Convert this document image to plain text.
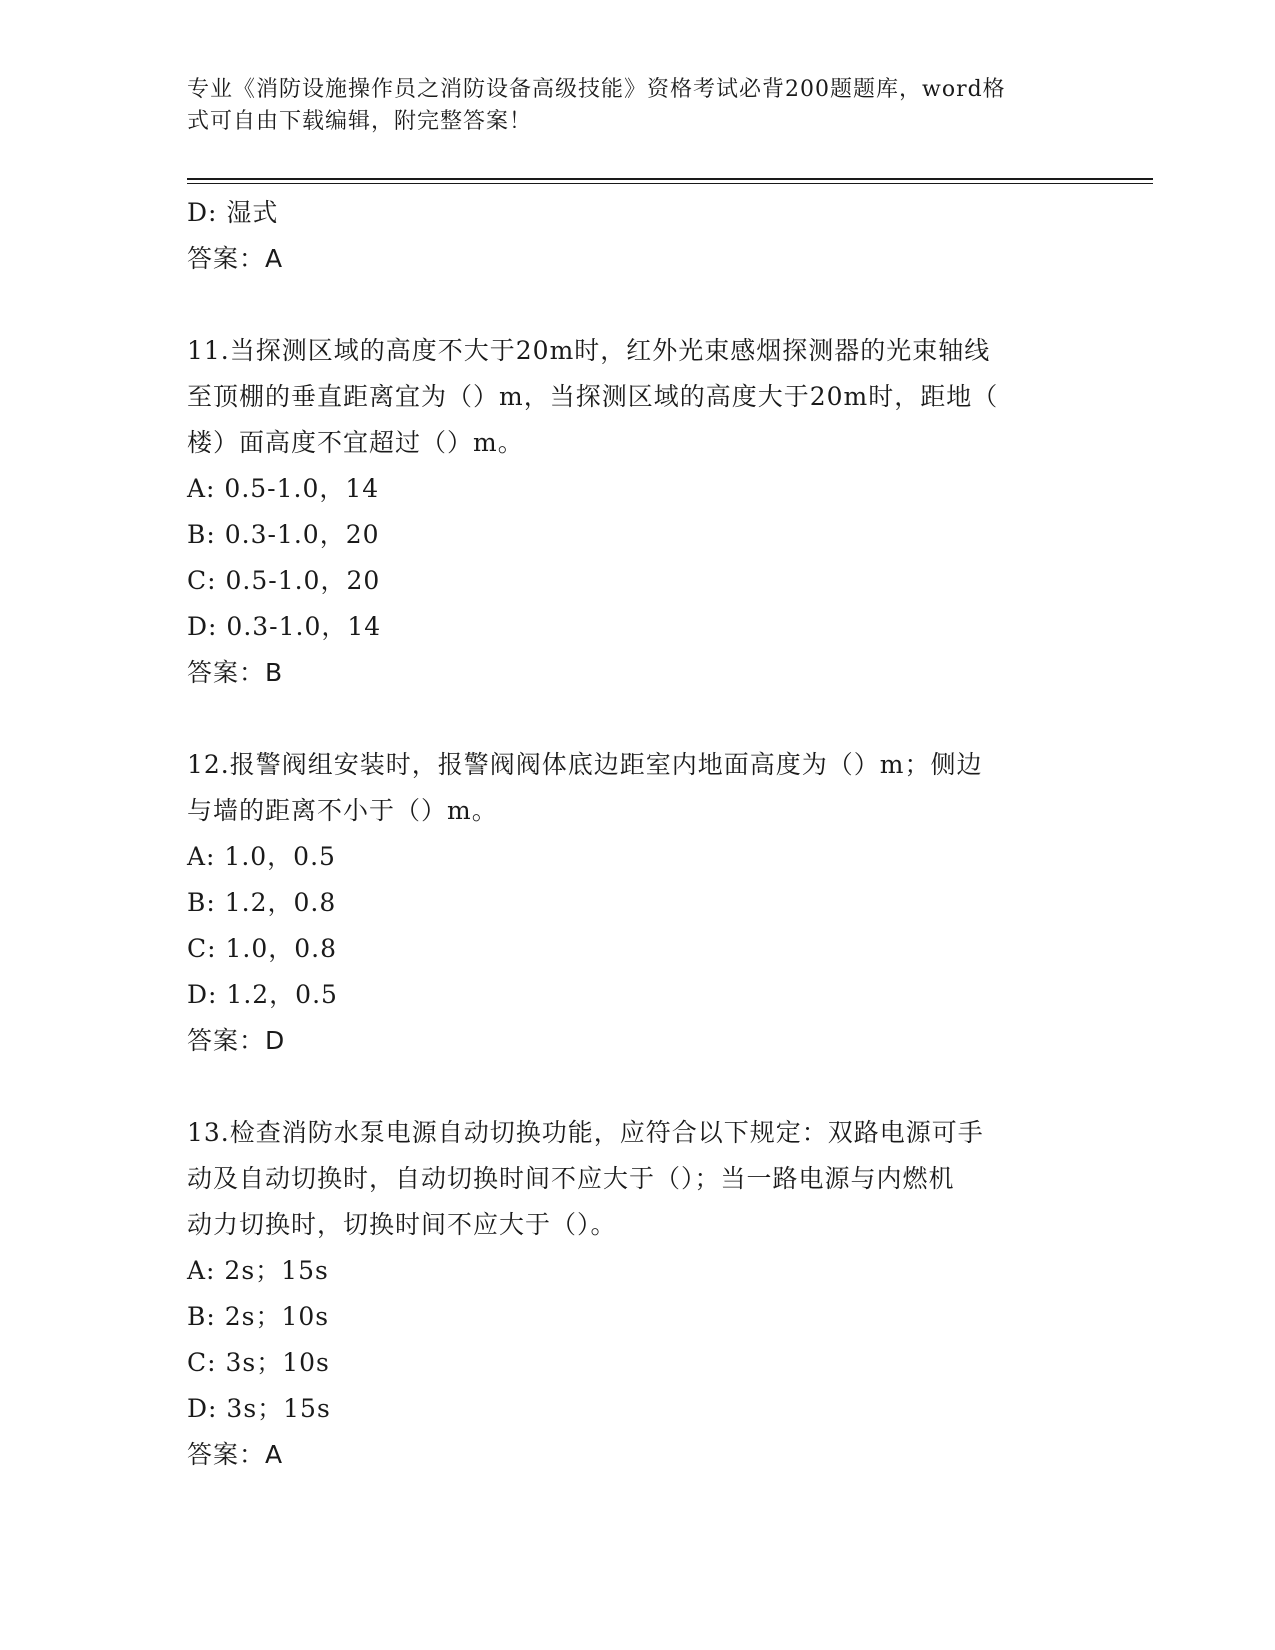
专业《消防设施操作员之消防设备高级技能》资格考试必背200题题库，word格
式可自由下载编辑，附完整答案！
D: 湿式
答案：A
11.当探测区域的高度不大于20m时，红外光束感烟探测器的光束轴线
至顶棚的垂直距离宜为（）m，当探测区域的高度大于20m时，距地（
楼）面高度不宜超过（）m。
A: 0.5-1.0，14
B: 0.3-1.0，20
C: 0.5-1.0，20
D: 0.3-1.0，14
答案：B
12.报警阀组安装时，报警阀阀体底边距室内地面高度为（）m；侧边
与墙的距离不小于（）m。
A: 1.0，0.5
B: 1.2，0.8
C: 1.0，0.8
D: 1.2，0.5
答案：D
13.检查消防水泵电源自动切换功能，应符合以下规定：双路电源可手
动及自动切换时，自动切换时间不应大于（）；当一路电源与内燃机
动力切换时，切换时间不应大于（）。
A: 2s；15s
B: 2s；10s
C: 3s；10s
D: 3s；15s
答案：A
